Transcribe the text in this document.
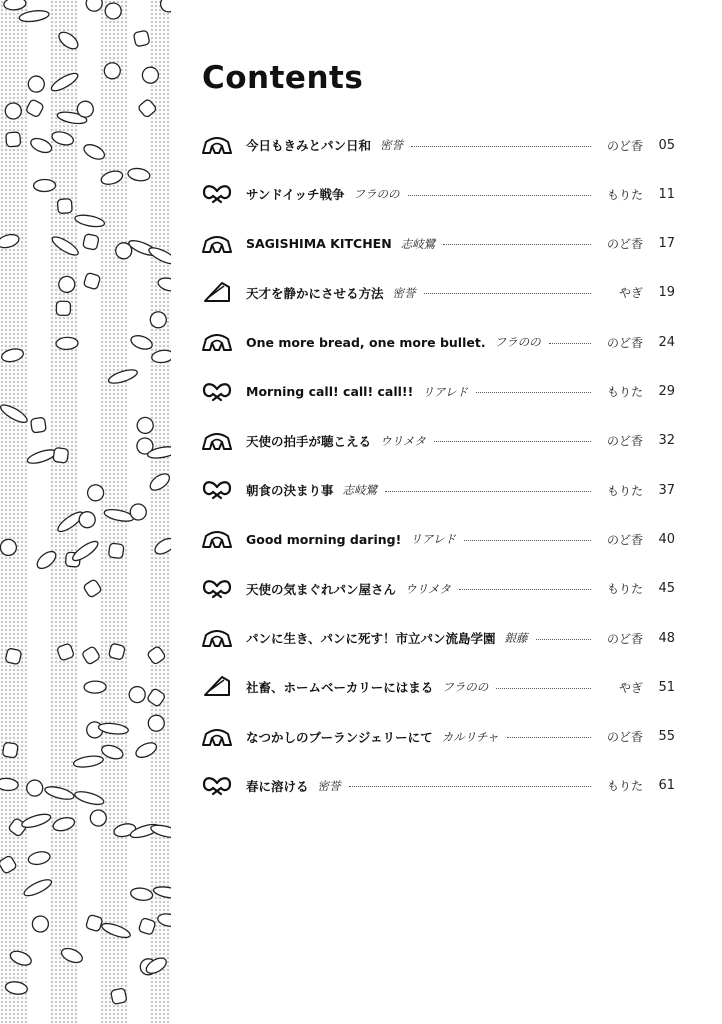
Contents
今日もきみとパン日和 密誉	のど香	05
サンドイッチ戦争 フラのの	もりた	11
SAGISHIMA KITCHEN 志岐鷺	のど香	17
天才を静かにさせる方法 密誉	やぎ	19
One more bread, one more bullet. フラのの	のど香	24
Morning call! call! call!! リアレド	もりた	29
天使の拍手が聴こえる ウリメタ	のど香	32
朝食の決まり事 志岐鷺	もりた	37
Good morning daring! リアレド	のど香	40
天使の気まぐれパン屋さん ウリメタ	もりた	45
パンに生き、パンに死す！市立パン流島学園 銀藤	のど香	48
社畜、ホームベーカリーにはまる フラのの	やぎ	51
なつかしのブーランジェリーにて カルリチャ	のど香	55
春に溶ける 密誉	もりた	61
